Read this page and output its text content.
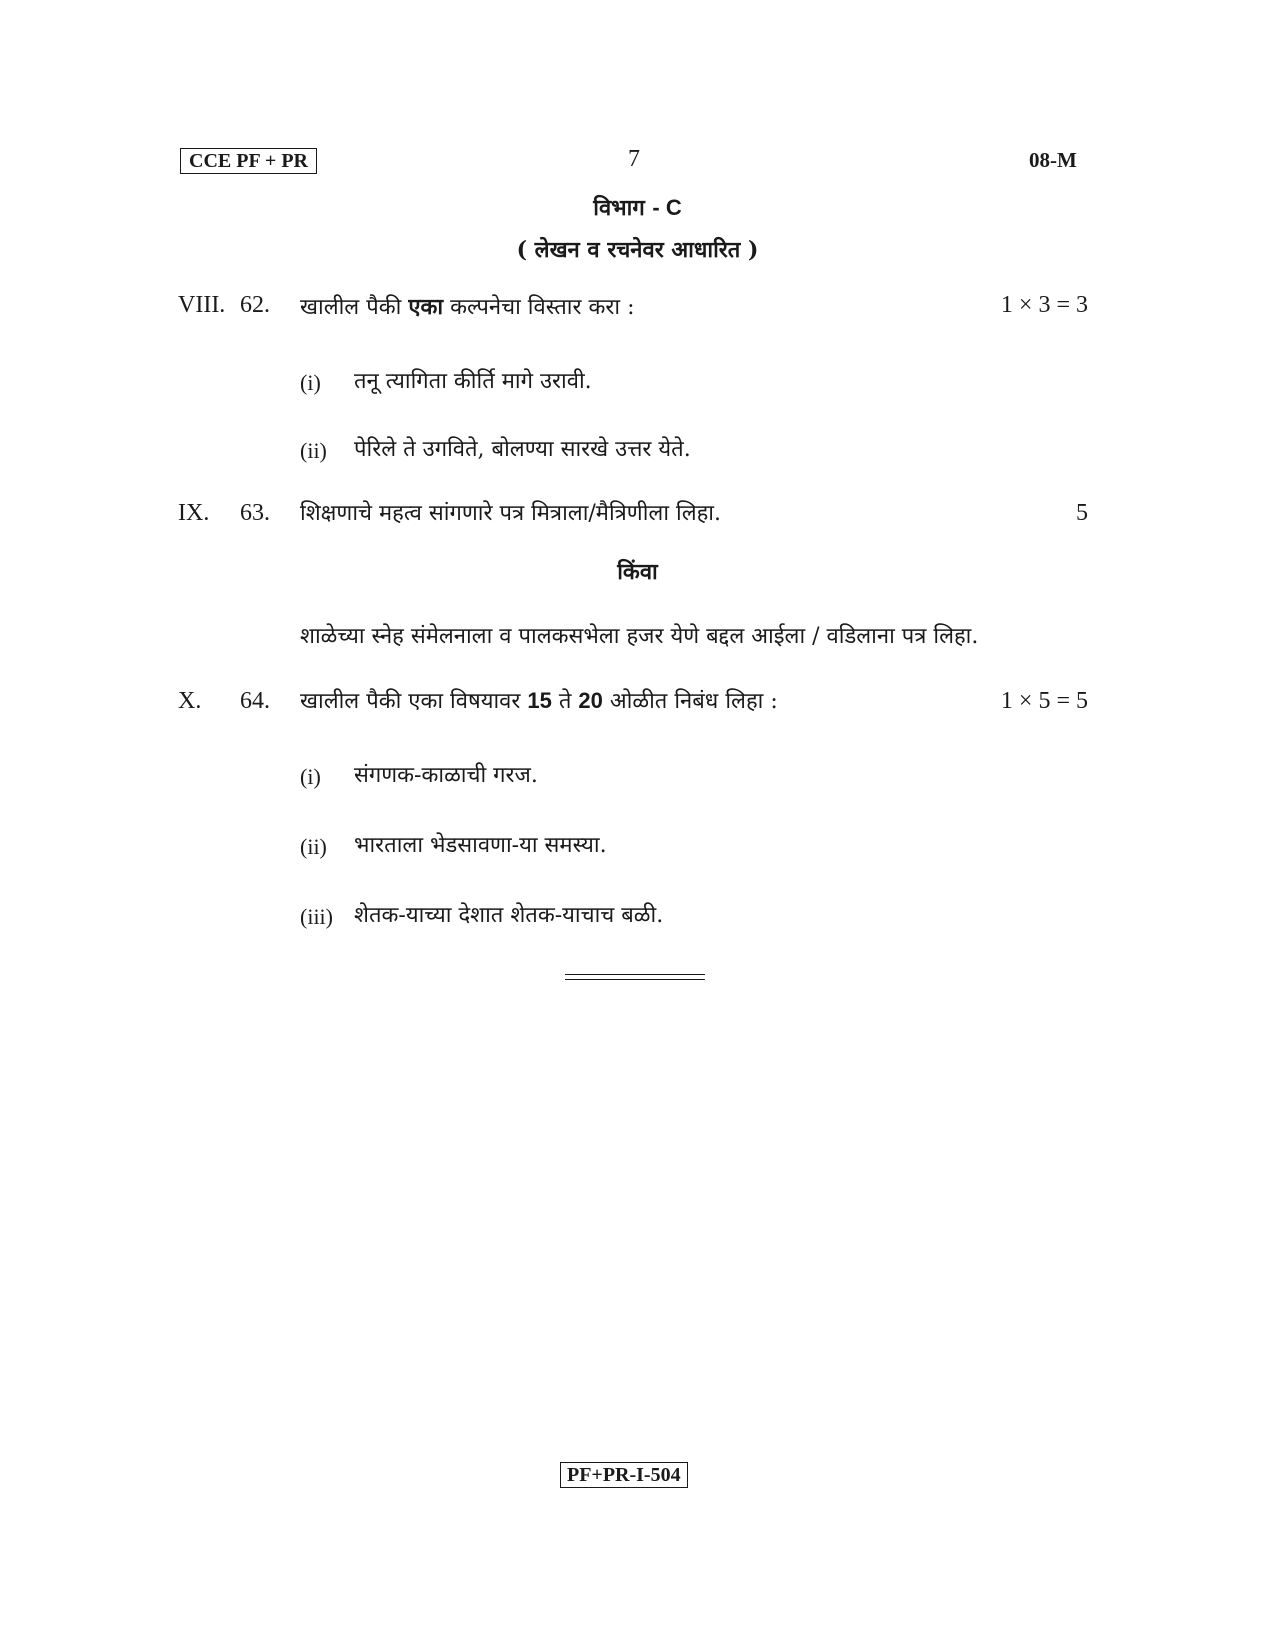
CCE PF + PR	7	08-M
विभाग - C
( लेखन व रचनेवर आधारित )
VIII. 62. खालील पैकी एका कल्पनेचा विस्तार करा :	1 × 3 = 3
(i) तनू त्यागिता कीर्ति मागे उरावी.
(ii) पेरिले ते उगविते, बोलण्या सारखे उत्तर येते.
IX. 63. शिक्षणाचे महत्व सांगणारे पत्र मित्राला/मैत्रिणीला लिहा.	5
किंवा
शाळेच्या स्नेह संमेलनाला व पालकसभेला हजर येणे बद्दल आईला / वडिलाना पत्र लिहा.
X. 64. खालील पैकी एका विषयावर 15 ते 20 ओळीत निबंध लिहा :	1 × 5 = 5
(i) संगणक-काळाची गरज.
(ii) भारताला भेडसावणा-या समस्या.
(iii) शेतक-याच्या देशात शेतक-याचाच बळी.
PF+PR-I-504
